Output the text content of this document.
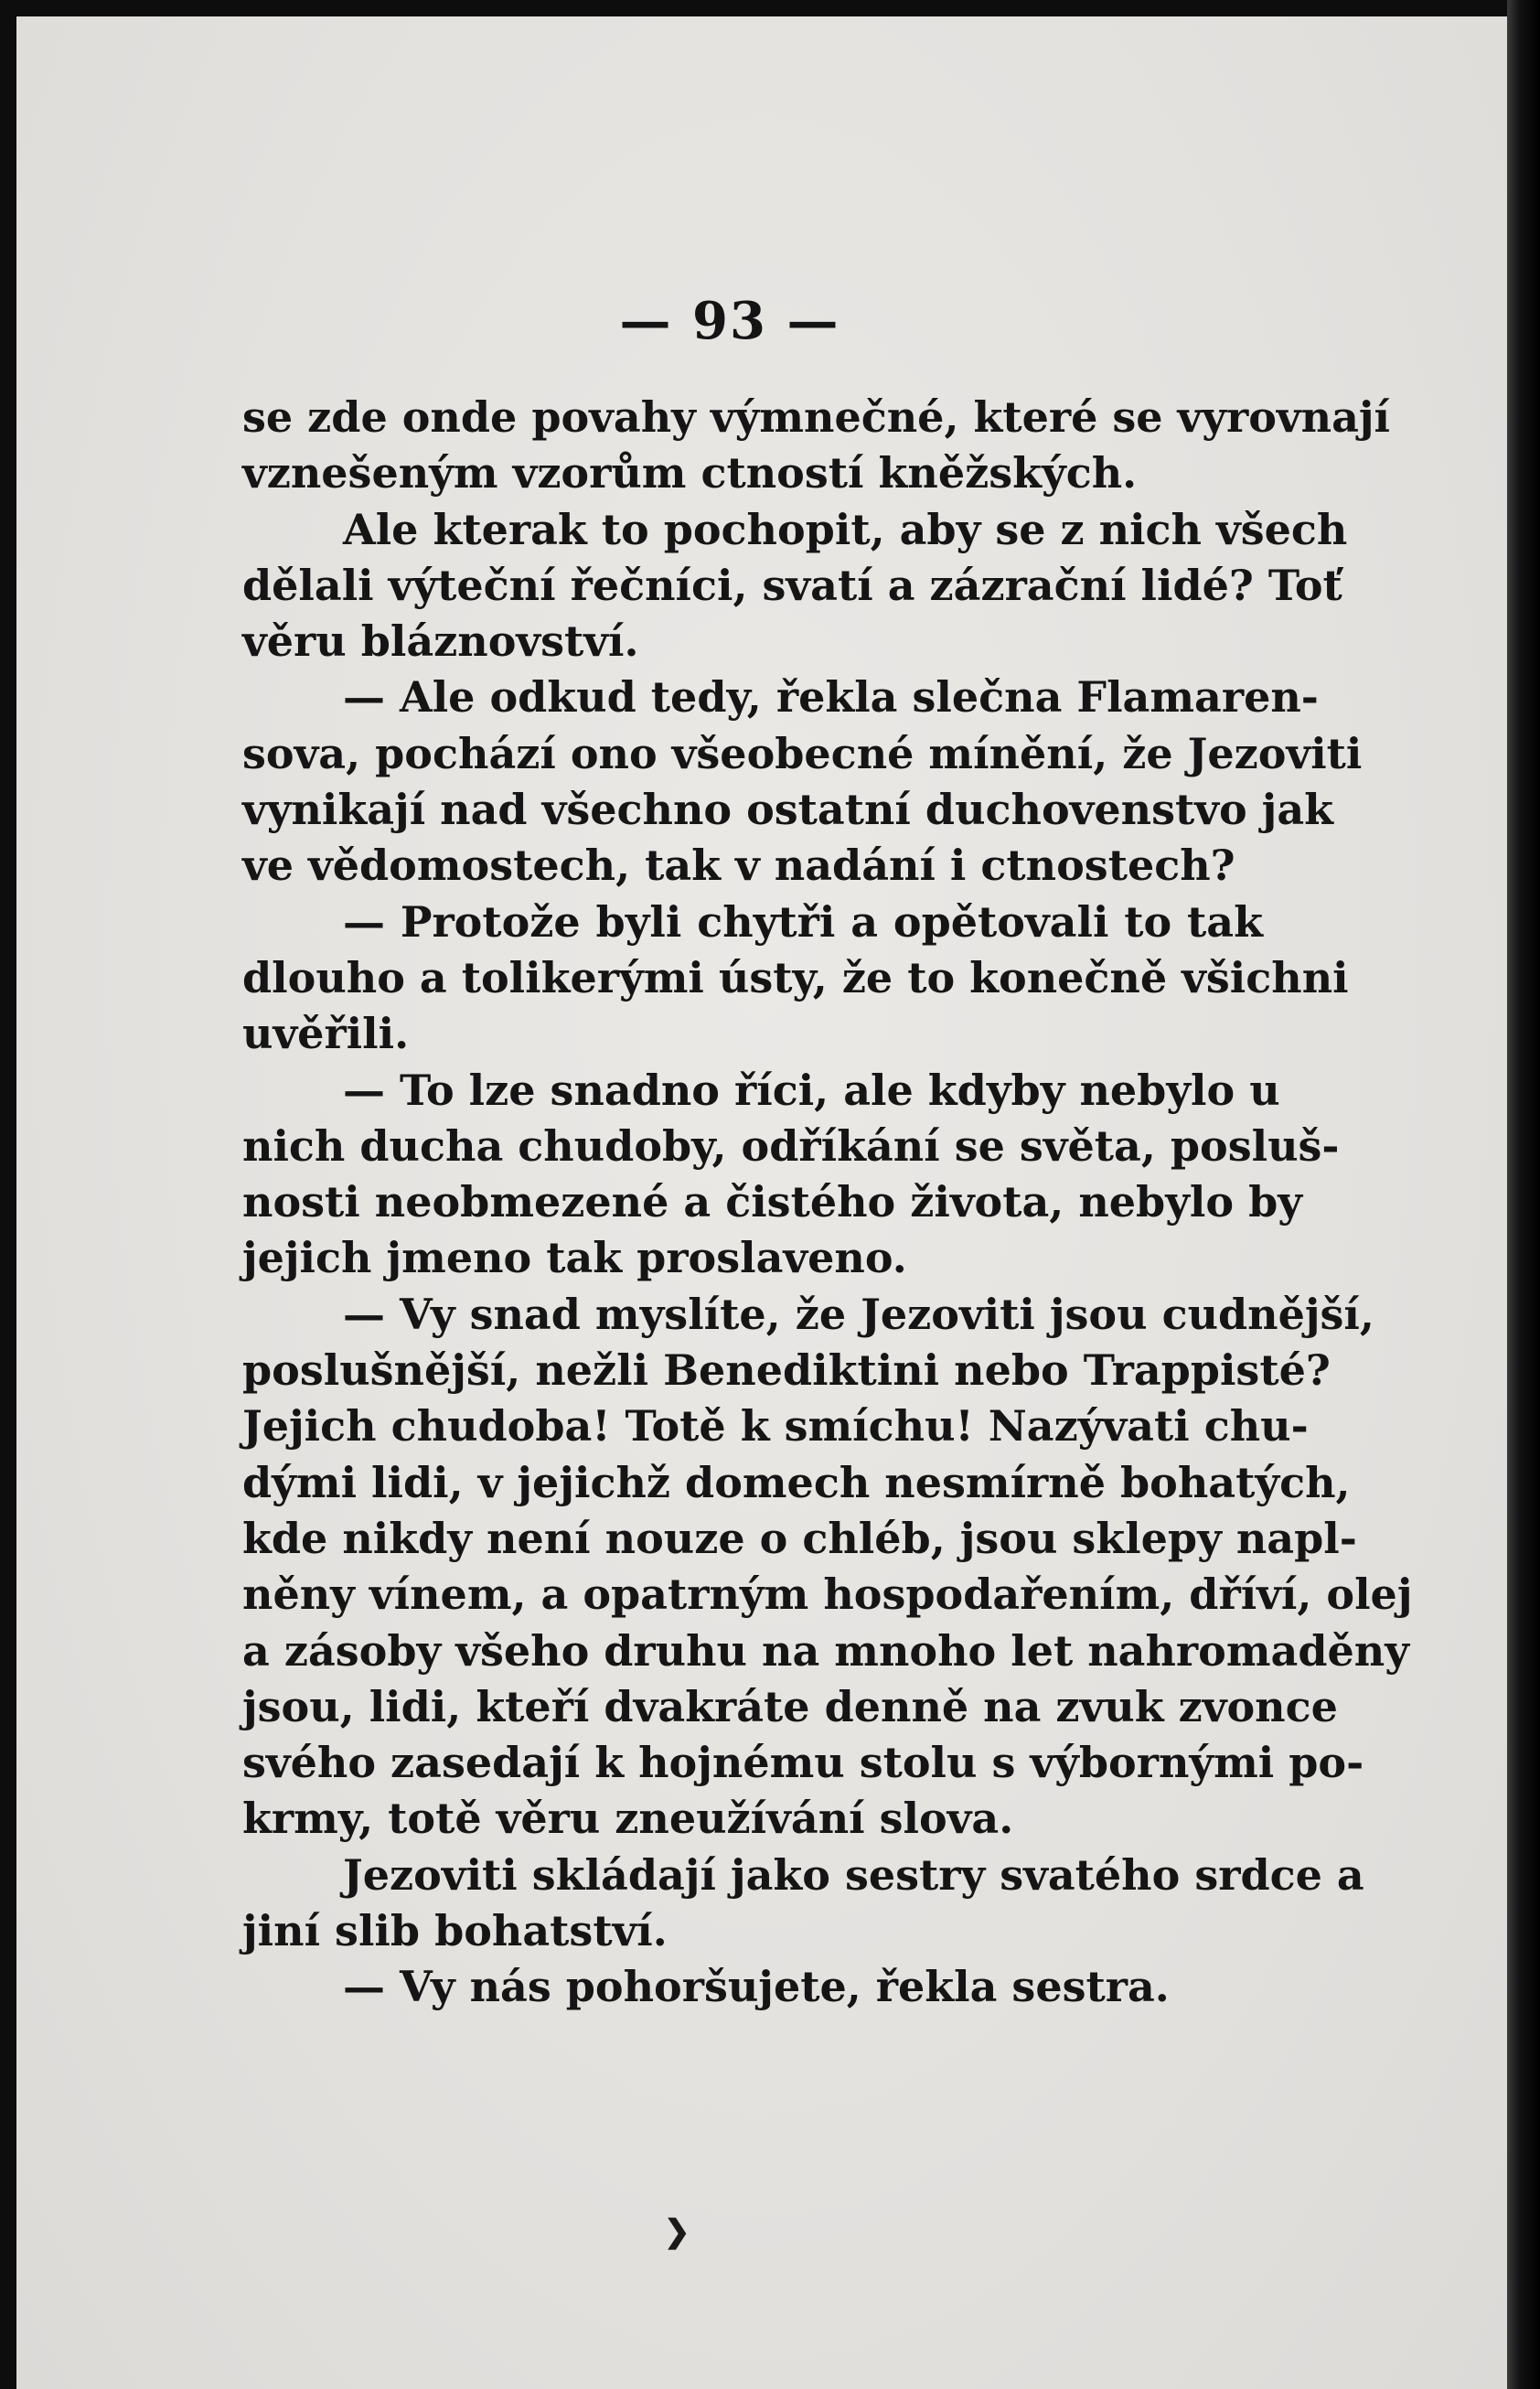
— 93 —
se zde onde povahy výmnečné, které se vyrovnají
vznešeným vzorům ctností kněžských.
Ale kterak to pochopit, aby se z nich všech
dělali výteční řečníci, svatí a zázrační lidé? Toť
věru bláznovství.
— Ale odkud tedy, řekla slečna Flamaren-
sova, pochází ono všeobecné mínění, že Jezoviti
vynikají nad všechno ostatní duchovenstvo jak
ve vědomostech, tak v nadání i ctnostech?
— Protože byli chytři a opětovali to tak
dlouho a tolikerými ústy, že to konečně všichni
uvěřili.
— To lze snadno říci, ale kdyby nebylo u
nich ducha chudoby, odříkání se světa, posluš-
nosti neobmezené a čistého života, nebylo by
jejich jmeno tak proslaveno.
— Vy snad myslíte, že Jezoviti jsou cudnější,
poslušnější, nežli Benediktini nebo Trappisté?
Jejich chudoba! Totě k smíchu! Nazývati chu-
dými lidi, v jejichž domech nesmírně bohatých,
kde nikdy není nouze o chléb, jsou sklepy napl-
něny vínem, a opatrným hospodařením, dříví, olej
a zásoby všeho druhu na mnoho let nahromaděny
jsou, lidi, kteří dvakráte denně na zvuk zvonce
svého zasedají k hojnému stolu s výbornými po-
krmy, totě věru zneužívání slova.
Jezoviti skládají jako sestry svatého srdce a
jiní slib bohatství.
— Vy nás pohoršujete, řekla sestra.
❯
